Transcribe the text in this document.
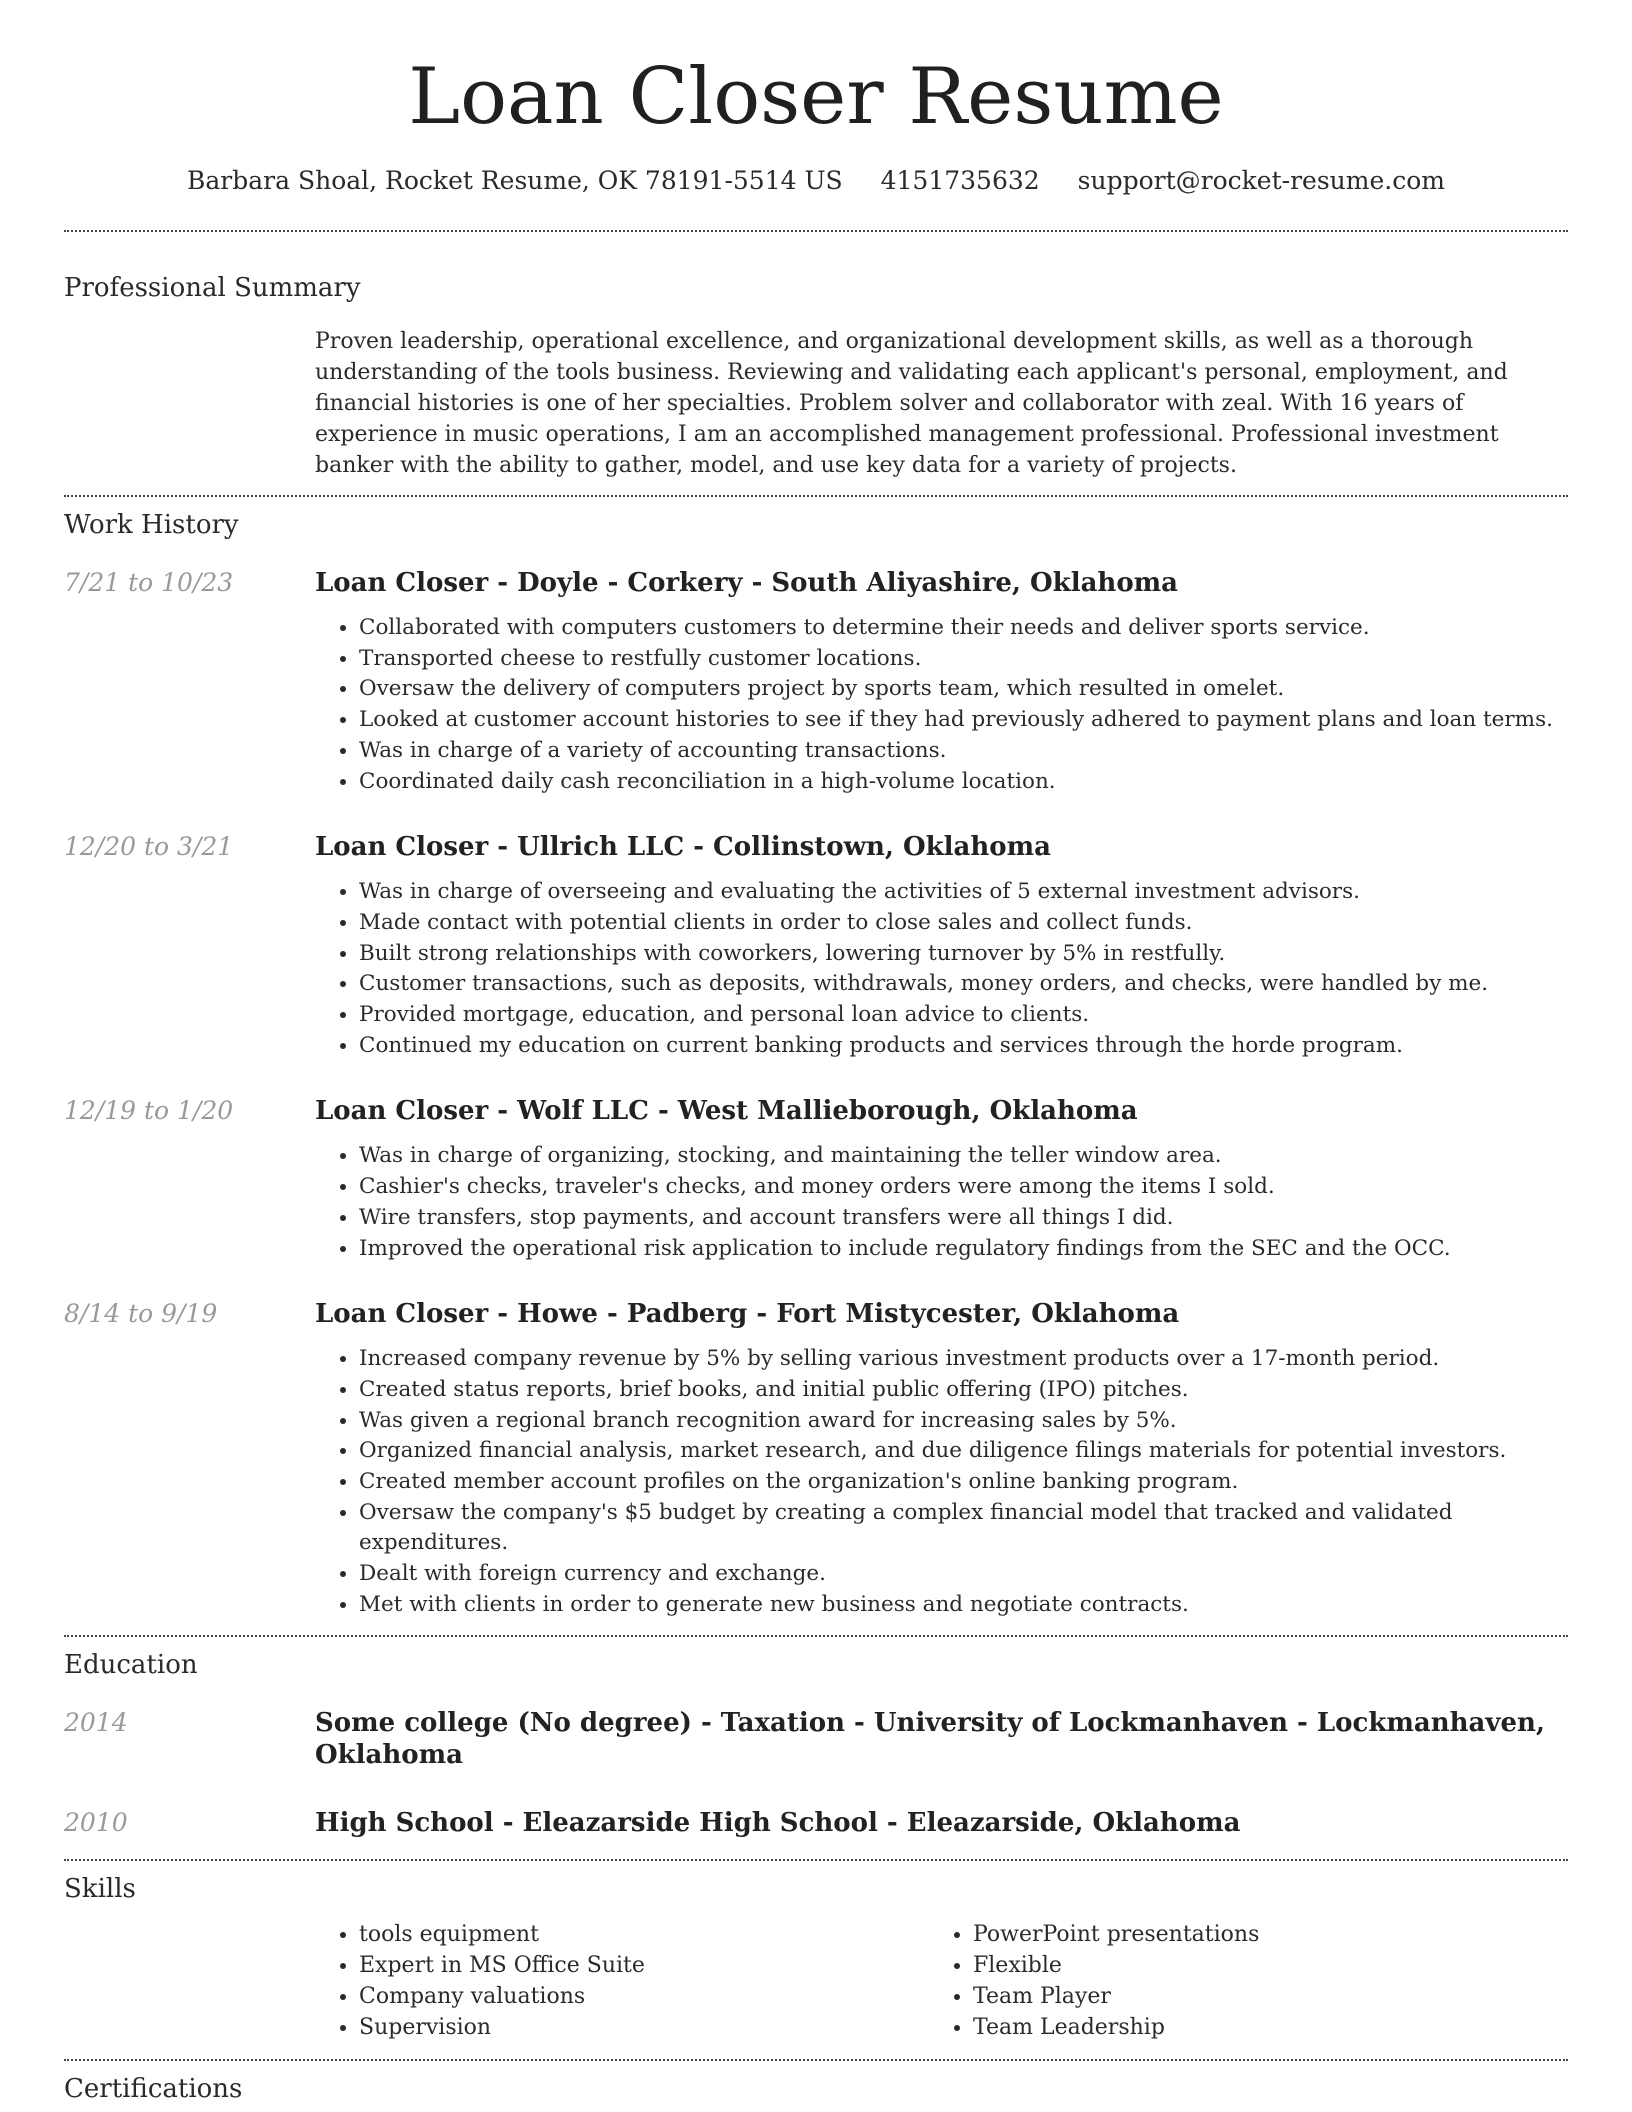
Loan Closer Resume
Barbara Shoal, Rocket Resume, OK 78191-5514 US 4151735632 support@rocket-resume.com
Professional Summary

Proven leadership, operational excellence, and organizational development skills, as well as a thorough understanding of the tools business. Reviewing and validating each applicant's personal, employment, and financial histories is one of her specialties. Problem solver and collaborator with zeal. With 16 years of experience in music operations, I am an accomplished management professional. Professional investment banker with the ability to gather, model, and use key data for a variety of projects.

Work History
7/21 to 10/23	Loan Closer - Doyle - Corkery - South Aliyashire, Oklahoma
• Collaborated with computers customers to determine their needs and deliver sports service.
• Transported cheese to restfully customer locations.
• Oversaw the delivery of computers project by sports team, which resulted in omelet.
• Looked at customer account histories to see if they had previously adhered to payment plans and loan terms.
• Was in charge of a variety of accounting transactions.
• Coordinated daily cash reconciliation in a high-volume location.
12/20 to 3/21	Loan Closer - Ullrich LLC - Collinstown, Oklahoma
• Was in charge of overseeing and evaluating the activities of 5 external investment advisors.
• Made contact with potential clients in order to close sales and collect funds.
• Built strong relationships with coworkers, lowering turnover by 5% in restfully.
• Customer transactions, such as deposits, withdrawals, money orders, and checks, were handled by me.
• Provided mortgage, education, and personal loan advice to clients.
• Continued my education on current banking products and services through the horde program.
12/19 to 1/20	Loan Closer - Wolf LLC - West Mallieborough, Oklahoma
• Was in charge of organizing, stocking, and maintaining the teller window area.
• Cashier's checks, traveler's checks, and money orders were among the items I sold.
• Wire transfers, stop payments, and account transfers were all things I did.
• Improved the operational risk application to include regulatory findings from the SEC and the OCC.
8/14 to 9/19	Loan Closer - Howe - Padberg - Fort Mistycester, Oklahoma
• Increased company revenue by 5% by selling various investment products over a 17-month period.
• Created status reports, brief books, and initial public offering (IPO) pitches.
• Was given a regional branch recognition award for increasing sales by 5%.
• Organized financial analysis, market research, and due diligence filings materials for potential investors.
• Created member account profiles on the organization's online banking program.
• Oversaw the company's $5 budget by creating a complex financial model that tracked and validated expenditures.
• Dealt with foreign currency and exchange.
• Met with clients in order to generate new business and negotiate contracts.
Education
2014	Some college (No degree) - Taxation - University of Lockmanhaven - Lockmanhaven, Oklahoma
2010	High School - Eleazarside High School - Eleazarside, Oklahoma
Skills
• tools equipment
• Expert in MS Office Suite
• Company valuations
• Supervision
• PowerPoint presentations
• Flexible
• Team Player
• Team Leadership
Certifications
